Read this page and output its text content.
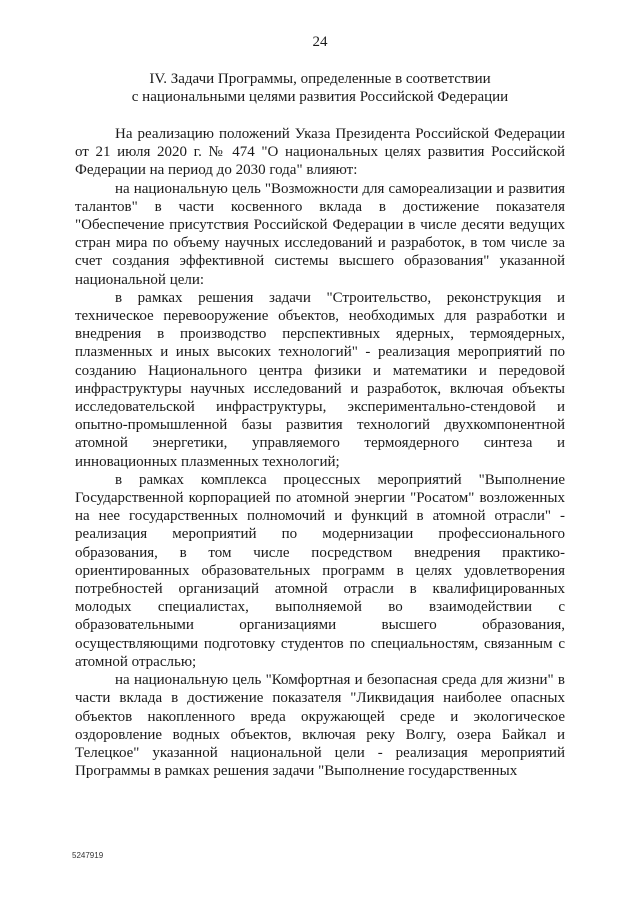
24
IV. Задачи Программы, определенные в соответствии
с национальными целями развития Российской Федерации

На реализацию положений Указа Президента Российской Федерации от 21 июля 2020 г. № 474 "О национальных целях развития Российской Федерации на период до 2030 года" влияют:

на национальную цель "Возможности для самореализации и развития талантов" в части косвенного вклада в достижение показателя "Обеспечение присутствия Российской Федерации в числе десяти ведущих стран мира по объему научных исследований и разработок, в том числе за счет создания эффективной системы высшего образования" указанной национальной цели:

в рамках решения задачи "Строительство, реконструкция и техническое перевооружение объектов, необходимых для разработки и внедрения в производство перспективных ядерных, термоядерных, плазменных и иных высоких технологий" - реализация мероприятий по созданию Национального центра физики и математики и передовой инфраструктуры научных исследований и разработок, включая объекты исследовательской инфраструктуры, экспериментально-стендовой и опытно-промышленной базы развития технологий двухкомпонентной атомной энергетики, управляемого термоядерного синтеза и инновационных плазменных технологий;

в рамках комплекса процессных мероприятий "Выполнение Государственной корпорацией по атомной энергии "Росатом" возложенных на нее государственных полномочий и функций в атомной отрасли" - реализация мероприятий по модернизации профессионального образования, в том числе посредством внедрения практико-ориентированных образовательных программ в целях удовлетворения потребностей организаций атомной отрасли в квалифицированных молодых специалистах, выполняемой во взаимодействии с образовательными организациями высшего образования, осуществляющими подготовку студентов по специальностям, связанным с атомной отраслью;

на национальную цель "Комфортная и безопасная среда для жизни" в части вклада в достижение показателя "Ликвидация наиболее опасных объектов накопленного вреда окружающей среде и экологическое оздоровление водных объектов, включая реку Волгу, озера Байкал и Телецкое" указанной национальной цели - реализация мероприятий Программы в рамках решения задачи "Выполнение государственных

5247919
